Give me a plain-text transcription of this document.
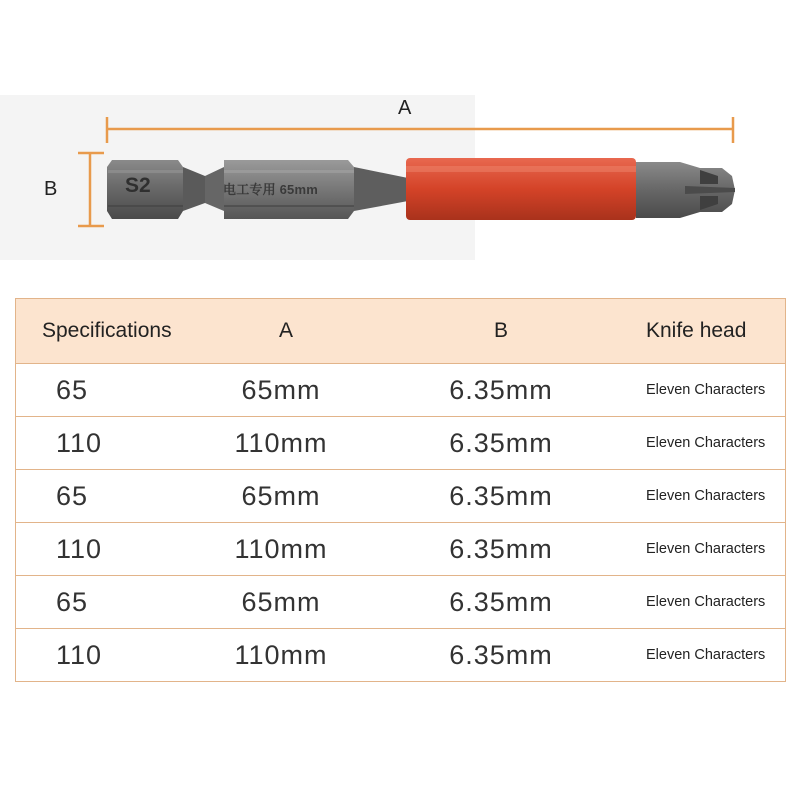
A
B	S2	电工专用 65mm
Specifications	A	B	Knife head
65	65mm	6.35mm	Eleven Characters
110	110mm	6.35mm	Eleven Characters
65	65mm	6.35mm	Eleven Characters
110	110mm	6.35mm	Eleven Characters
65	65mm	6.35mm	Eleven Characters
110	110mm	6.35mm	Eleven Characters
